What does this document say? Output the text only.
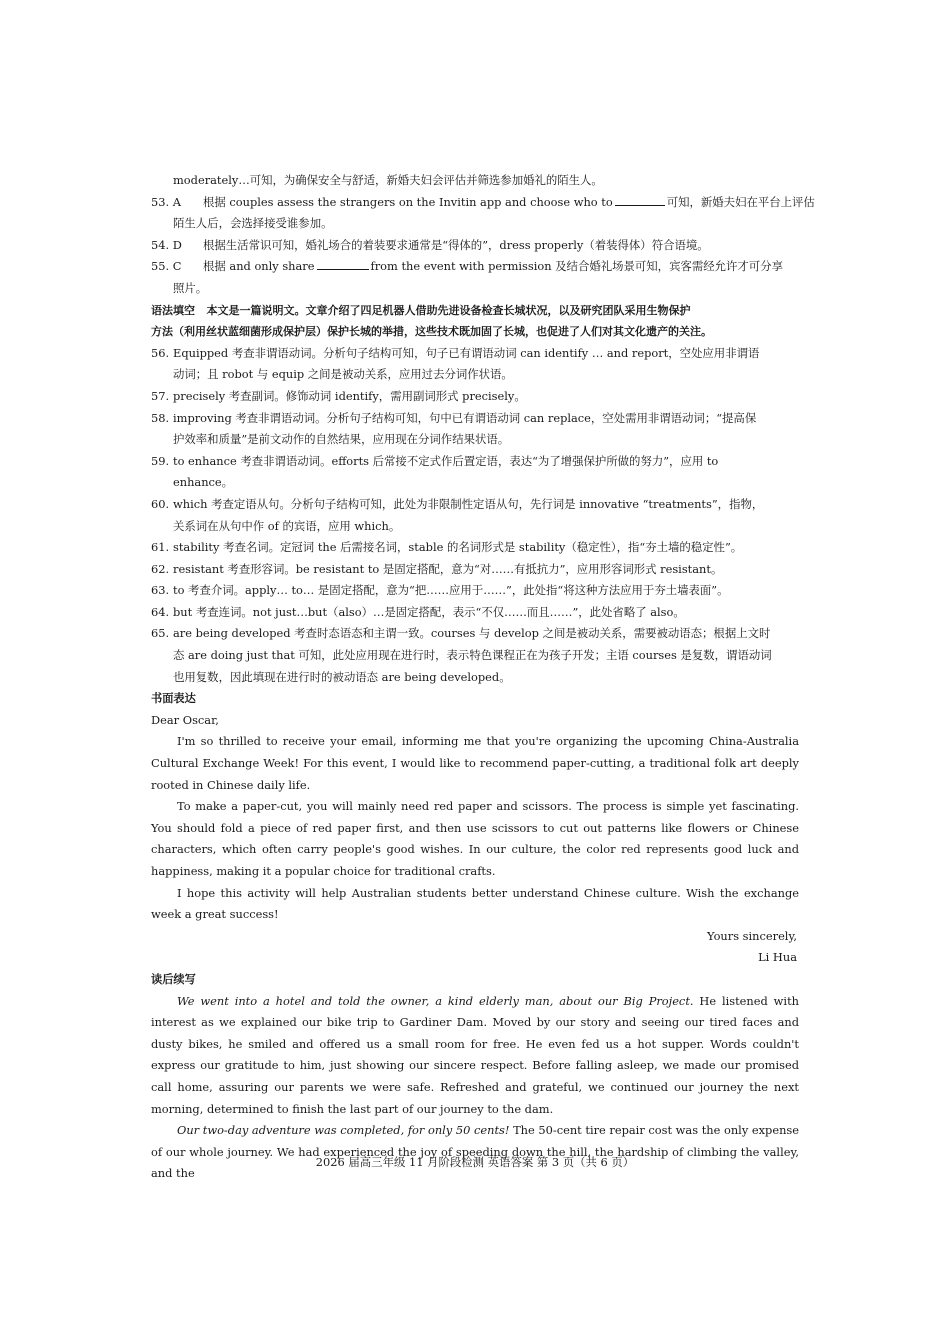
moderately…可知，为确保安全与舒适，新婚夫妇会评估并筛选参加婚礼的陌生人。
53. A	根据 couples assess the strangers on the Invitin app and choose who to	可知，新婚夫妇在平台上评估
陌生人后，会选择接受谁参加。
54. D	根据生活常识可知，婚礼场合的着装要求通常是“得体的”，dress properly（着装得体）符合语境。
55. C	根据 and only share	from the event with permission 及结合婚礼场景可知，宾客需经允许才可分享
照片。
语法填空 本文是一篇说明文。文章介绍了四足机器人借助先进设备检查长城状况，以及研究团队采用生物保护
方法（利用丝状蓝细菌形成保护层）保护长城的举措，这些技术既加固了长城，也促进了人们对其文化遗产的关注。
56. Equipped 考查非谓语动词。分析句子结构可知，句子已有谓语动词 can identify … and report，空处应用非谓语
动词；且 robot 与 equip 之间是被动关系，应用过去分词作状语。
57. precisely 考查副词。修饰动词 identify，需用副词形式 precisely。
58. improving 考查非谓语动词。分析句子结构可知，句中已有谓语动词 can replace，空处需用非谓语动词；“提高保
护效率和质量”是前文动作的自然结果，应用现在分词作结果状语。
59. to enhance 考查非谓语动词。efforts 后常接不定式作后置定语，表达“为了增强保护所做的努力”，应用 to
enhance。
60. which 考查定语从句。分析句子结构可知，此处为非限制性定语从句，先行词是 innovative “treatments”，指物，
关系词在从句中作 of 的宾语，应用 which。
61. stability 考查名词。定冠词 the 后需接名词，stable 的名词形式是 stability（稳定性），指“夯土墙的稳定性”。
62. resistant 考查形容词。be resistant to 是固定搭配，意为“对……有抵抗力”，应用形容词形式 resistant。
63. to 考查介词。apply… to… 是固定搭配，意为“把……应用于……”，此处指“将这种方法应用于夯土墙表面”。
64. but 考查连词。not just…but（also）…是固定搭配，表示“不仅……而且……”，此处省略了 also。
65. are being developed 考查时态语态和主谓一致。courses 与 develop 之间是被动关系，需要被动语态；根据上文时
态 are doing just that 可知，此处应用现在进行时，表示特色课程正在为孩子开发；主语 courses 是复数，谓语动词
也用复数，因此填现在进行时的被动语态 are being developed。
书面表达
Dear Oscar,
I'm so thrilled to receive your email, informing me that you're organizing the upcoming China-Australia Cultural Exchange Week! For this event, I would like to recommend paper-cutting, a traditional folk art deeply rooted in Chinese daily life.
To make a paper-cut, you will mainly need red paper and scissors. The process is simple yet fascinating. You should fold a piece of red paper first, and then use scissors to cut out patterns like flowers or Chinese characters, which often carry people's good wishes. In our culture, the color red represents good luck and happiness, making it a popular choice for traditional crafts.
I hope this activity will help Australian students better understand Chinese culture. Wish the exchange week a great success!
Yours sincerely,
Li Hua
读后续写
We went into a hotel and told the owner, a kind elderly man, about our Big Project. He listened with interest as we explained our bike trip to Gardiner Dam. Moved by our story and seeing our tired faces and dusty bikes, he smiled and offered us a small room for free. He even fed us a hot supper. Words couldn't express our gratitude to him, just showing our sincere respect. Before falling asleep, we made our promised call home, assuring our parents we were safe. Refreshed and grateful, we continued our journey the next morning, determined to finish the last part of our journey to the dam.
Our two-day adventure was completed, for only 50 cents! The 50-cent tire repair cost was the only expense of our whole journey. We had experienced the joy of speeding down the hill, the hardship of climbing the valley, and the
2026 届高三年级 11 月阶段检测 英语答案 第 3 页（共 6 页）
